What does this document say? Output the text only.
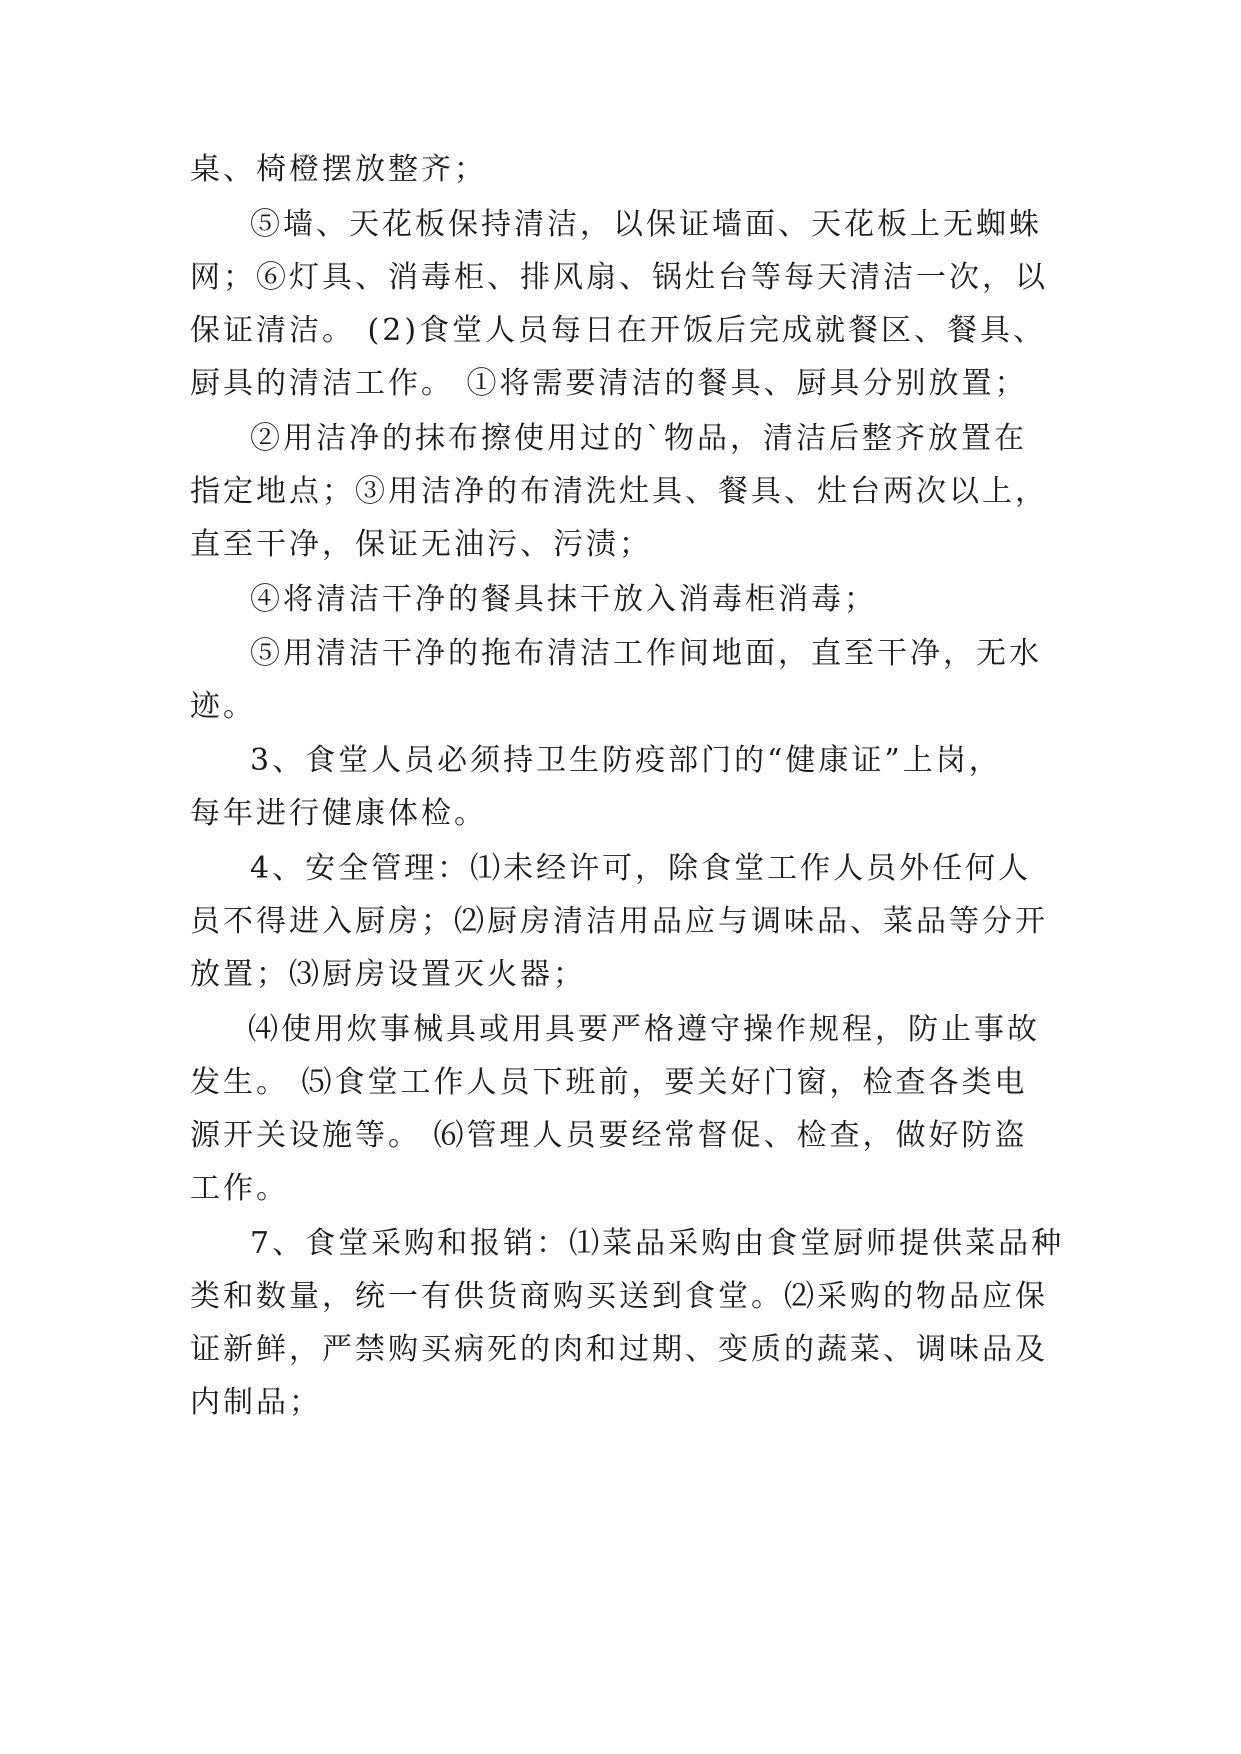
桌、椅橙摆放整齐；
⑤墙、天花板保持清洁，以保证墙面、天花板上无蜘蛛
网；⑥灯具、消毒柜、排风扇、锅灶台等每天清洁一次，以
保证清洁。 (2)食堂人员每日在开饭后完成就餐区、餐具、
厨具的清洁工作。 ①将需要清洁的餐具、厨具分别放置；
②用洁净的抹布擦使用过的`物品，清洁后整齐放置在
指定地点；③用洁净的布清洗灶具、餐具、灶台两次以上，
直至干净，保证无油污、污渍；
④将清洁干净的餐具抹干放入消毒柜消毒；
⑤用清洁干净的拖布清洁工作间地面，直至干净，无水
迹。
3、食堂人员必须持卫生防疫部门的“健康证”上岗，
每年进行健康体检。
4、安全管理：⑴未经许可，除食堂工作人员外任何人
员不得进入厨房；⑵厨房清洁用品应与调味品、菜品等分开
放置；⑶厨房设置灭火器；
⑷使用炊事械具或用具要严格遵守操作规程，防止事故
发生。 ⑸食堂工作人员下班前，要关好门窗，检查各类电
源开关设施等。 ⑹管理人员要经常督促、检查，做好防盗
工作。
7、食堂采购和报销：⑴菜品采购由食堂厨师提供菜品种
类和数量，统一有供货商购买送到食堂。⑵采购的物品应保
证新鲜，严禁购买病死的肉和过期、变质的蔬菜、调味品及
内制品；
